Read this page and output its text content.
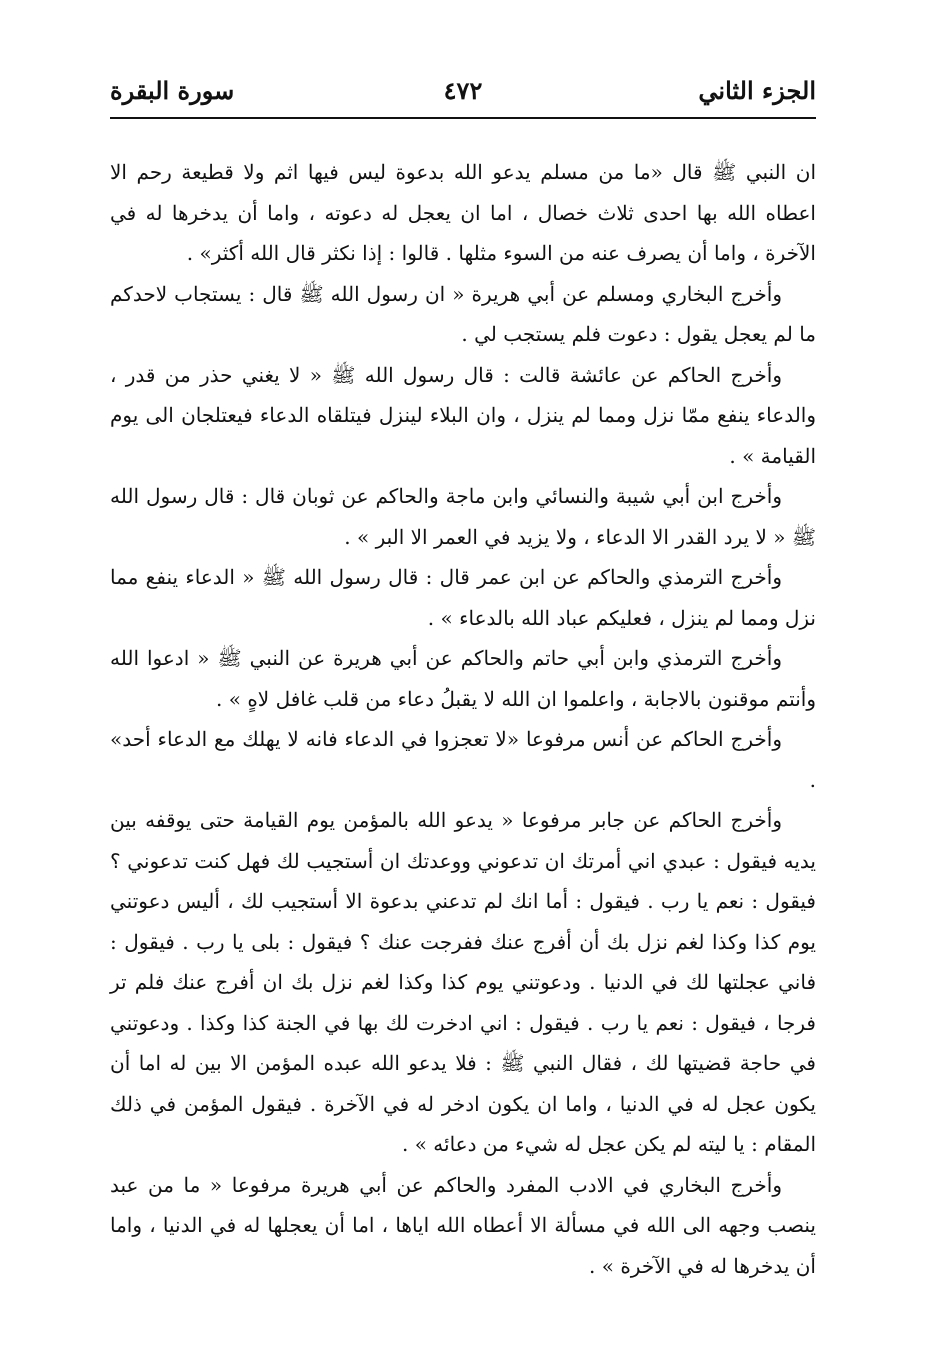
الجزء الثاني
٤٧٢
سورة البقرة

ان النبي ﷺ قال «ما من مسلم يدعو الله بدعوة ليس فيها اثم ولا قطيعة رحم الا اعطاه الله بها احدى ثلاث خصال ، اما ان يعجل له دعوته ، واما أن يدخرها له في الآخرة ، واما أن يصرف عنه من السوء مثلها . قالوا : إذا نكثر قال الله أكثر» .

وأخرج البخاري ومسلم عن أبي هريرة « ان رسول الله ﷺ قال : يستجاب لاحدكم ما لم يعجل يقول : دعوت فلم يستجب لي .

وأخرج الحاكم عن عائشة قالت : قال رسول الله ﷺ « لا يغني حذر من قدر ، والدعاء ينفع ممّا نزل ومما لم ينزل ، وان البلاء لينزل فيتلقاه الدعاء فيعتلجان الى يوم القيامة » .

وأخرج ابن أبي شيبة والنسائي وابن ماجة والحاكم عن ثوبان قال : قال رسول الله ﷺ « لا يرد القدر الا الدعاء ، ولا يزيد في العمر الا البر » .

وأخرج الترمذي والحاكم عن ابن عمر قال : قال رسول الله ﷺ « الدعاء ينفع مما نزل ومما لم ينزل ، فعليكم عباد الله بالدعاء » .

وأخرج الترمذي وابن أبي حاتم والحاكم عن أبي هريرة عن النبي ﷺ « ادعوا الله وأنتم موقنون بالاجابة ، واعلموا ان الله لا يقبلُ دعاء من قلب غافل لاهٍ » .

وأخرج الحاكم عن أنس مرفوعا «لا تعجزوا في الدعاء فانه لا يهلك مع الدعاء أحد» .

وأخرج الحاكم عن جابر مرفوعا « يدعو الله بالمؤمن يوم القيامة حتى يوقفه بين يديه فيقول : عبدي اني أمرتك ان تدعوني ووعدتك ان أستجيب لك فهل كنت تدعوني ؟ فيقول : نعم يا رب . فيقول : أما انك لم تدعني بدعوة الا أستجيب لك ، أليس دعوتني يوم كذا وكذا لغم نزل بك أن أفرج عنك ففرجت عنك ؟ فيقول : بلى يا رب . فيقول : فاني عجلتها لك في الدنيا . ودعوتني يوم كذا وكذا لغم نزل بك ان أفرج عنك فلم تر فرجا ، فيقول : نعم يا رب . فيقول : اني ادخرت لك بها في الجنة كذا وكذا . ودعوتني في حاجة قضيتها لك ، فقال النبي ﷺ : فلا يدعو الله عبده المؤمن الا بين له اما أن يكون عجل له في الدنيا ، واما ان يكون ادخر له في الآخرة . فيقول المؤمن في ذلك المقام : يا ليته لم يكن عجل له شيء من دعائه » .

وأخرج البخاري في الادب المفرد والحاكم عن أبي هريرة مرفوعا « ما من عبد ينصب وجهه الى الله في مسألة الا أعطاه الله اياها ، اما أن يعجلها له في الدنيا ، واما أن يدخرها له في الآخرة » .
